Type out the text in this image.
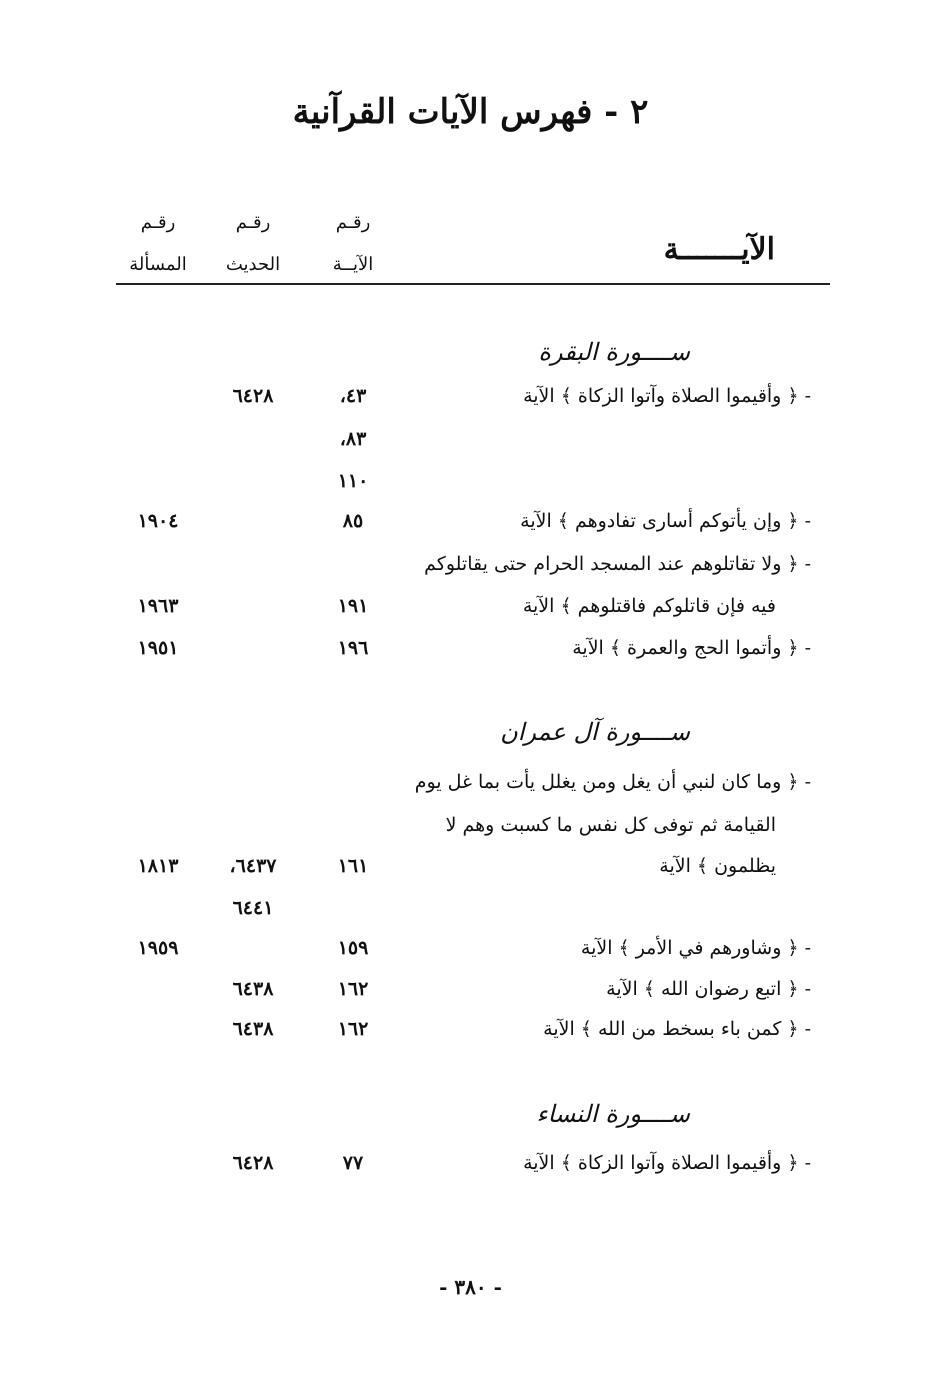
٢ - فهرس الآيات القرآنية
رقـم
الآيــة
رقـم
الحديث
رقـم
المسألة	الآيـــــــة
ســــورة البقرة
- ﴿ وأقيموا الصلاة وآتوا الزكاة ﴾ الآية
٤٣،
٦٤٢٨
٨٣،
١١٠
- ﴿ وإن يأتوكم أسارى تفادوهم ﴾ الآية
٨٥
١٩٠٤
- ﴿ ولا تقاتلوهم عند المسجد الحرام حتى يقاتلوكم
فيه فإن قاتلوكم فاقتلوهم ﴾ الآية
١٩١
١٩٦٣
- ﴿ وأتموا الحج والعمرة ﴾ الآية
١٩٦
١٩٥١
ســــورة آل عمران
- ﴿ وما كان لنبي أن يغل ومن يغلل يأت بما غل يوم
القيامة ثم توفى كل نفس ما كسبت وهم لا
يظلمون ﴾ الآية
١٦١
٦٤٣٧،
١٨١٣
٦٤٤١
- ﴿ وشاورهم في الأمر ﴾ الآية
١٥٩
١٩٥٩
- ﴿ اتبع رضوان الله ﴾ الآية
١٦٢
٦٤٣٨
- ﴿ كمن باء بسخط من الله ﴾ الآية
١٦٢
٦٤٣٨
ســــورة النساء
- ﴿ وأقيموا الصلاة وآتوا الزكاة ﴾ الآية
٧٧
٦٤٢٨
- ٣٨٠ -
